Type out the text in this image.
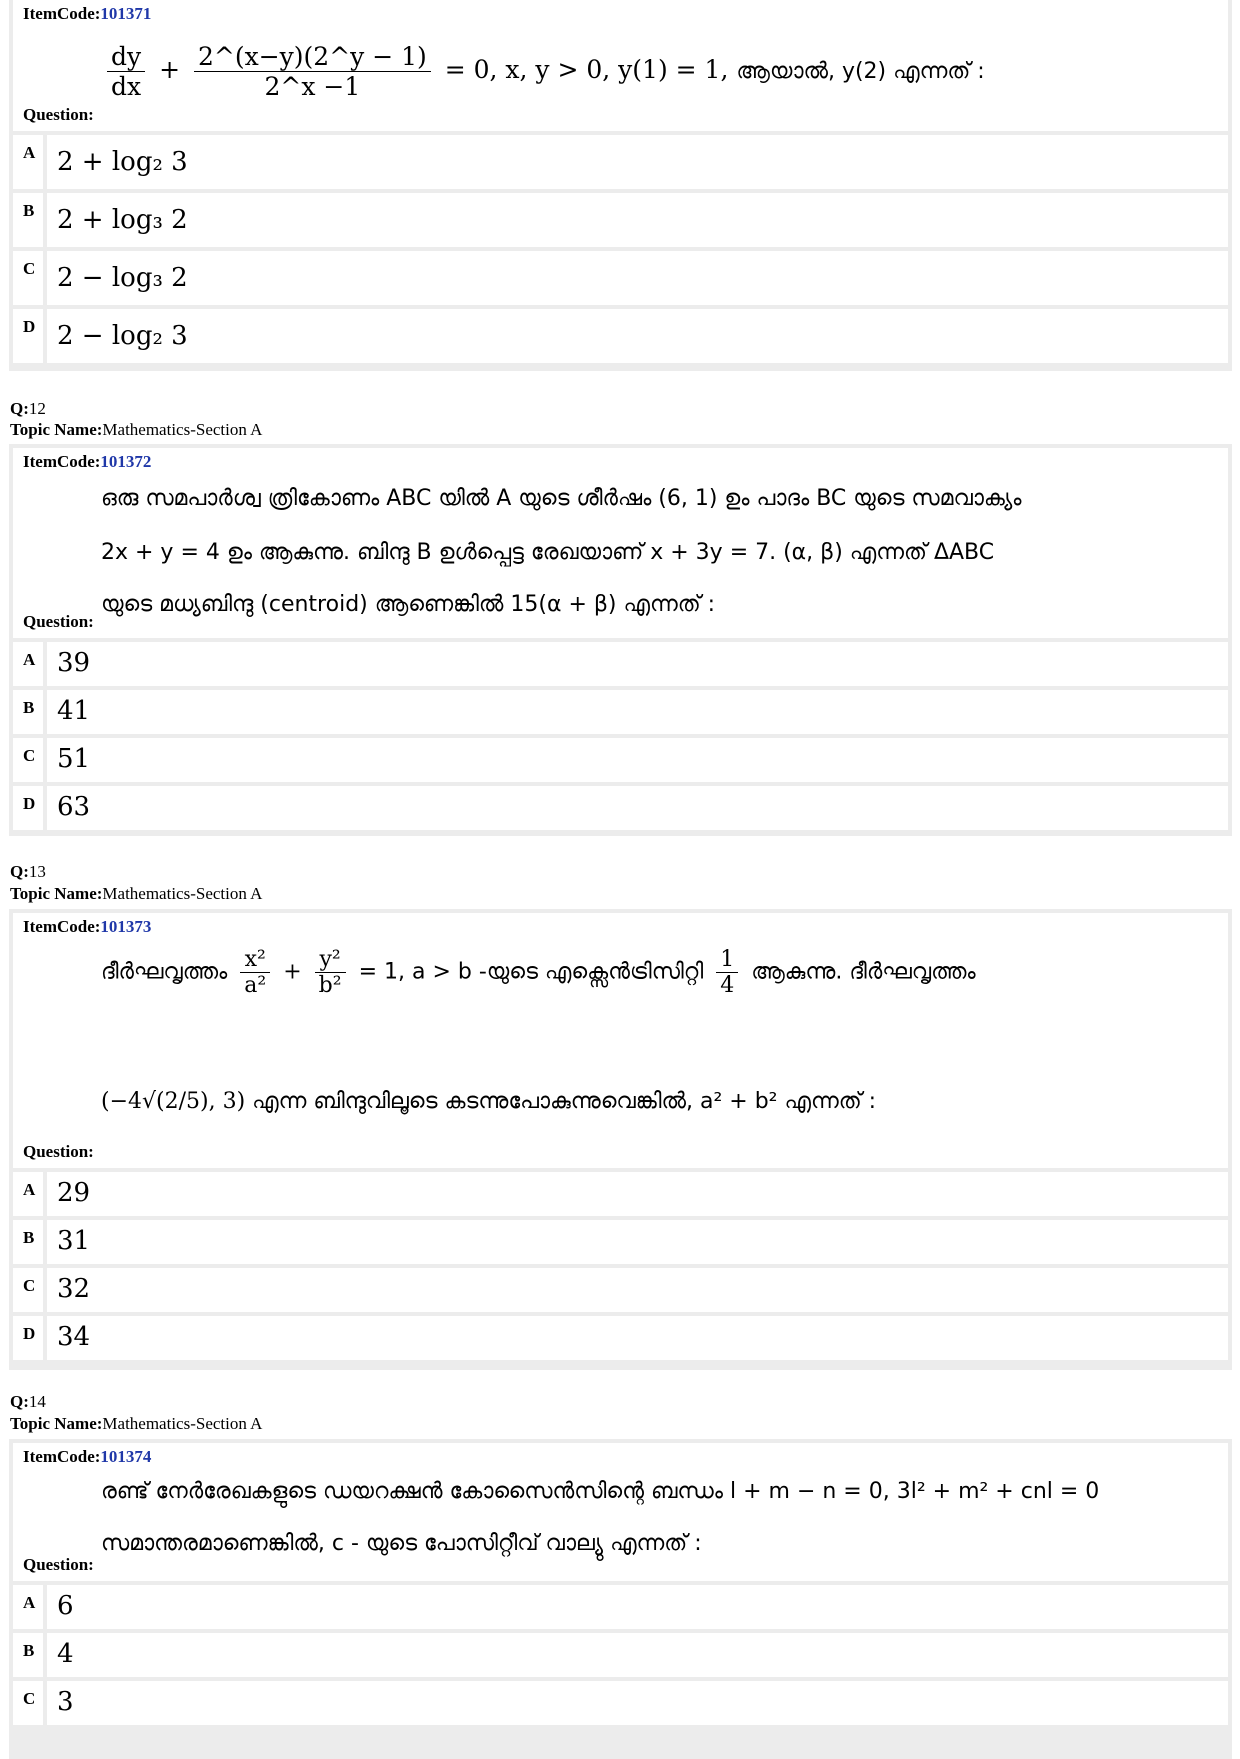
ItemCode:101371
$\frac{dy}{dx} + \frac{2\^{}(x-y)(2\^{}y - 1)}{2\^{}x -1} = 0$, x, y > 0, y(1) = 1, ആയാൽ, y(2) എന്നത് :
Question:
A 2 + log₂ 3
B 2 + log₃ 2
C 2 − log₃ 2
D 2 − log₂ 3
Q:12
Topic Name:Mathematics-Section A
ItemCode:101372
ഒരു സമപാർശ്വ ത്രികോണം ABC യിൽ A യുടെ ശീർഷം (6, 1) ഉം പാദം BC യുടെ സമവാക്യം
2x + y = 4 ഉം ആകുന്നു. ബിന്ദു B ഉൾപ്പെട്ട രേഖയാണ് x + 3y = 7. (α, β) എന്നത് ΔABC
യുടെ മധ്യബിന്ദു (centroid) ആണെങ്കിൽ 15(α + β) എന്നത് :
Question:
A 39
B 41
C 51
D 63
Q:13
Topic Name:Mathematics-Section A
ItemCode:101373
ദീർഘവൃത്തം $\frac{\text{x²}}{\text{a²}} + \frac{\text{y²}}{\text{b²}} = 1$, a > b -യുടെ എക്സെൻട്രിസിറ്റി $\frac{1}{4}$ ആകുന്നു. ദീർഘവൃത്തം
(−4√(2/5), 3) എന്ന ബിന്ദുവിലൂടെ കടന്നുപോകുന്നുവെങ്കിൽ, a² + b² എന്നത് :
Question:
A 29
B 31
C 32
D 34
Q:14
Topic Name:Mathematics-Section A
ItemCode:101374
രണ്ട് നേർരേഖകളുടെ ഡയറക്ഷൻ കോസൈൻസിന്റെ ബന്ധം l + m − n = 0, 3l² + m² + cnl = 0
സമാന്തരമാണെങ്കിൽ, c - യുടെ പോസിറ്റീവ് വാല്യു എന്നത് :
Question:
A 6
B 4
C 3
